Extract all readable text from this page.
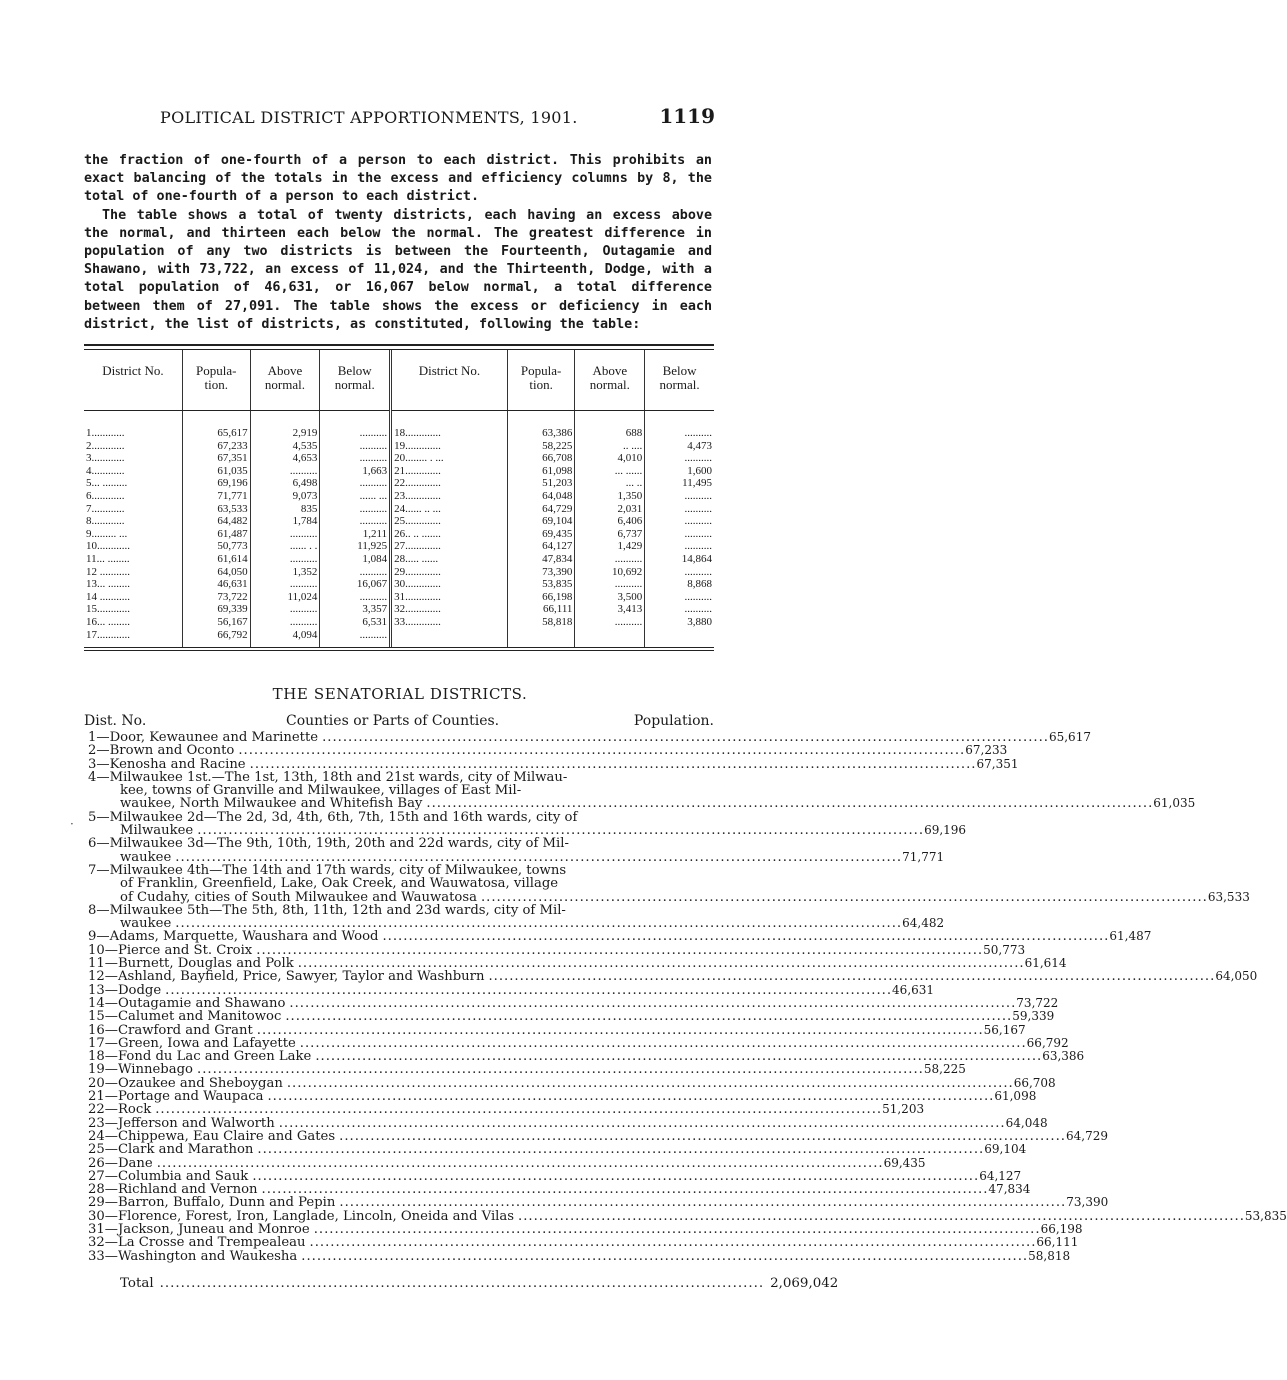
POLITICAL DISTRICT APPORTIONMENTS, 1901.	1119

the fraction of one-fourth of a person to each district. This prohibits an exact balancing of the totals in the excess and efficiency columns by 8, the total of one-fourth of a person to each district.

The table shows a total of twenty districts, each having an excess above the normal, and thirteen each below the normal. The greatest difference in population of any two districts is between the Fourteenth, Outagamie and Shawano, with 73,722, an excess of 11,024, and the Thirteenth, Dodge, with a total population of 46,631, or 16,067 below normal, a total difference between them of 27,091. The table shows the excess or deficiency in each district, the list of districts, as constituted, following the table:

District No.	Popula-tion.	Above normal.	Below normal.	District No.	Popula-tion.	Above normal.	Below normal.
1............	65,617	2,919	..........	18.............	63,386	688	..........
2............	67,233	4,535	..........	19.............	58,225	.. ....	4,473
3............	67,351	4,653	..........	20........ . ...	66,708	4,010	..........
4............	61,035	..........	1,663	21.............	61,098	... ......	1,600
5... .........	69,196	6,498	..........	22.............	51,203	... ..	11,495
6............	71,771	9,073	...... ...	23.............	64,048	1,350	..........
7............	63,533	835	..........	24...... .. ...	64,729	2,031	..........
8............	64,482	1,784	..........	25.............	69,104	6,406	..........
9......... ...	61,487	..........	1,211	26.. .. .......	69,435	6,737	..........
10............	50,773	...... . .	11,925	27.............	64,127	1,429	..........
11... ........	61,614	..........	1,084	28..... ......	47,834	..........	14,864
12 ...........	64,050	1,352	..........	29.............	73,390	10,692	..........
13... ........	46,631	..........	16,067	30.............	53,835	..........	8,868
14 ...........	73,722	11,024	..........	31.............	66,198	3,500	..........
15............	69,339	..........	3,357	32.............	66,111	3,413	..........
16... ........	56,167	..........	6,531	33.............	58,818	..........	3,880
17............	66,792	4,094	..........				
THE SENATORIAL DISTRICTS.
Dist. No.	Counties or Parts of Counties.	Population.
1—Door, Kewaunee and Marinette ............................................................................................................................................ 65,617
2—Brown and Oconto ............................................................................................................................................ 67,233
3—Kenosha and Racine ............................................................................................................................................ 67,351
4—Milwaukee 1st.—The 1st, 13th, 18th and 21st wards, city of Milwau-
kee, towns of Granville and Milwaukee, villages of East Mil-
waukee, North Milwaukee and Whitefish Bay ............................................................................................................................................ 61,035
5—Milwaukee 2d—The 2d, 3d, 4th, 6th, 7th, 15th and 16th wards, city of
Milwaukee ............................................................................................................................................ 69,196
6—Milwaukee 3d—The 9th, 10th, 19th, 20th and 22d wards, city of Mil-
waukee ............................................................................................................................................ 71,771
7—Milwaukee 4th—The 14th and 17th wards, city of Milwaukee, towns
of Franklin, Greenfield, Lake, Oak Creek, and Wauwatosa, village
of Cudahy, cities of South Milwaukee and Wauwatosa ............................................................................................................................................ 63,533
8—Milwaukee 5th—The 5th, 8th, 11th, 12th and 23d wards, city of Mil-
waukee ............................................................................................................................................ 64,482
9—Adams, Marquette, Waushara and Wood ............................................................................................................................................ 61,487
10—Pierce and St. Croix ............................................................................................................................................ 50,773
11—Burnett, Douglas and Polk ............................................................................................................................................ 61,614
12—Ashland, Bayfield, Price, Sawyer, Taylor and Washburn ............................................................................................................................................ 64,050
13—Dodge ............................................................................................................................................ 46,631
14—Outagamie and Shawano ............................................................................................................................................ 73,722
15—Calumet and Manitowoc ............................................................................................................................................ 59,339
16—Crawford and Grant ............................................................................................................................................ 56,167
17—Green, Iowa and Lafayette ............................................................................................................................................ 66,792
18—Fond du Lac and Green Lake ............................................................................................................................................ 63,386
19—Winnebago ............................................................................................................................................ 58,225
20—Ozaukee and Sheboygan ............................................................................................................................................ 66,708
21—Portage and Waupaca ............................................................................................................................................ 61,098
22—Rock ............................................................................................................................................ 51,203
23—Jefferson and Walworth ............................................................................................................................................ 64,048
24—Chippewa, Eau Claire and Gates ............................................................................................................................................ 64,729
25—Clark and Marathon ............................................................................................................................................ 69,104
26—Dane ............................................................................................................................................ 69,435
27—Columbia and Sauk ............................................................................................................................................ 64,127
28—Richland and Vernon ............................................................................................................................................ 47,834
29—Barron, Buffalo, Dunn and Pepin ............................................................................................................................................ 73,390
30—Florence, Forest, Iron, Langlade, Lincoln, Oneida and Vilas ............................................................................................................................................ 53,835
31—Jackson, Juneau and Monroe ............................................................................................................................................ 66,198
32—La Crosse and Trempealeau ............................................................................................................................................ 66,111
33—Washington and Waukesha ............................................................................................................................................ 58,818
·
Total ................................................................................................................... 2,069,042
